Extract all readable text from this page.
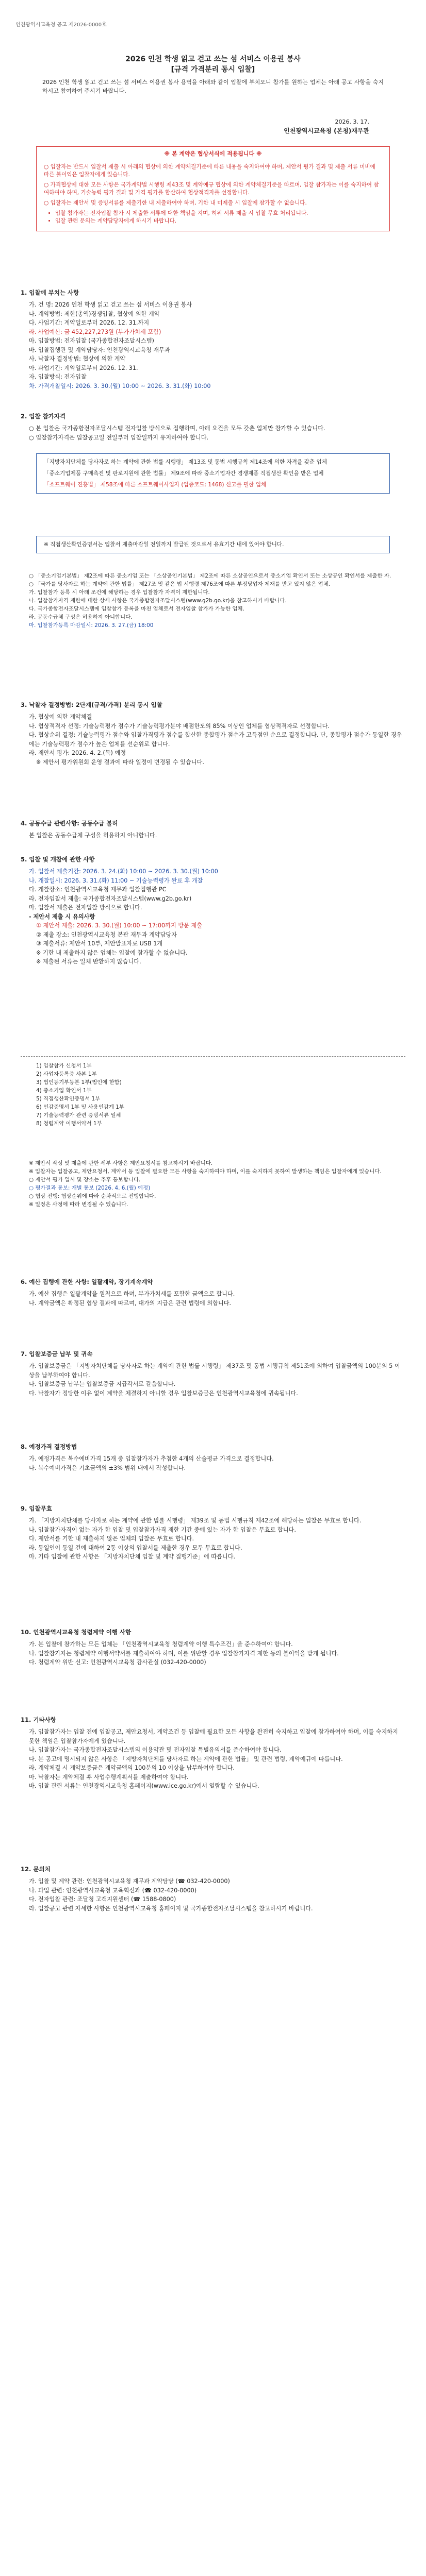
인천광역시교육청 공고 제2026-0000호
2026 인천 학생 읽고 걷고 쓰는 섬 서비스 이용권 봉사
[규격 가격분리 동시 입찰]
2026 인천 학생 읽고 걷고 쓰는 섬 서비스 이용권 봉사 용역을 아래와 같이 입찰에 부치오니 참가를 원하는 업체는 아래 공고 사항을 숙지하시고 참여하여 주시기 바랍니다.
2026. 3. 17.
인천광역시교육청 (본청)재무관
※ 본 계약은 협상서식에 적용됩니다 ※

○ 입찰자는 반드시 입찰서 제출 시 아래의 협상에 의한 계약체결기준에 따른 내용을 숙지하여야 하며, 제안서 평가 결과 및 제출 서류 미비에 따른 불이익은 입찰자에게 있습니다.

○ 가격협상에 대한 모든 사항은 국가계약법 시행령 제43조 및 계약예규 협상에 의한 계약체결기준을 따르며, 입찰 참가자는 이를 숙지하여 참여하여야 하며, 기술능력 평가 결과 및 가격 평가를 합산하여 협상적격자를 선정합니다.

○ 입찰자는 제안서 및 증빙서류를 제출기한 내 제출하여야 하며, 기한 내 미제출 시 입찰에 참가할 수 없습니다.

• 입찰 참가자는 전자입찰 참가 시 제출한 서류에 대한 책임을 지며, 허위 서류 제출 시 입찰 무효 처리됩니다.
• 입찰 관련 문의는 계약담당자에게 하시기 바랍니다.
1. 입찰에 부치는 사항

가. 건 명: 2026 인천 학생 읽고 걷고 쓰는 섬 서비스 이용권 봉사

나. 계약방법: 제한(총액)경쟁입찰, 협상에 의한 계약

다. 사업기간: 계약일로부터 2026. 12. 31.까지

라. 사업예산: 금 452,227,273원 (부가가치세 포함)

마. 입찰방법: 전자입찰 (국가종합전자조달시스템)

바. 입찰집행관 및 계약담당자: 인천광역시교육청 재무과

사. 낙찰자 결정방법: 협상에 의한 계약

아. 과업기간: 계약일로부터 2026. 12. 31.

자. 입찰방식: 전자입찰

차. 가격개찰일시: 2026. 3. 30.(월) 10:00 ~ 2026. 3. 31.(화) 10:00

2. 입찰 참가자격

○ 본 입찰은 국가종합전자조달시스템 전자입찰 방식으로 집행하며, 아래 요건을 모두 갖춘 업체만 참가할 수 있습니다.

○ 입찰참가자격은 입찰공고일 전일부터 입찰일까지 유지하여야 합니다.

「지방자치단체를 당사자로 하는 계약에 관한 법률 시행령」 제13조 및 동법 시행규칙 제14조에 의한 자격을 갖춘 업체

「중소기업제품 구매촉진 및 판로지원에 관한 법률」 제9조에 따라 중소기업자간 경쟁제품 직접생산 확인을 받은 업체

「소프트웨어 진흥법」 제58조에 따른 소프트웨어사업자 (업종코드: 1468) 신고를 필한 업체

※ 직접생산확인증명서는 입찰서 제출마감일 전일까지 발급된 것으로서 유효기간 내에 있어야 합니다.

○ 「중소기업기본법」 제2조에 따른 중소기업 또는 「소상공인기본법」 제2조에 따른 소상공인으로서 중소기업 확인서 또는 소상공인 확인서를 제출한 자.

○ 「국가를 당사자로 하는 계약에 관한 법률」 제27조 및 같은 법 시행령 제76조에 따른 부정당업자 제재를 받고 있지 않은 업체.

가. 입찰참가 등록 시 아래 조건에 해당하는 경우 입찰참가 자격이 제한됩니다.

나. 입찰참가자격 제한에 대한 상세 사항은 국가종합전자조달시스템(www.g2b.go.kr)을 참고하시기 바랍니다.

다. 국가종합전자조달시스템에 입찰참가 등록을 마친 업체로서 전자입찰 참가가 가능한 업체.

라. 공동수급체 구성은 허용하지 아니합니다.

마. 입찰참가등록 마감일시: 2026. 3. 27.(금) 18:00

3. 낙찰자 결정방법: 2단계(규격/가격) 분리 동시 입찰

가. 협상에 의한 계약체결

나. 협상적격자 선정: 기술능력평가 점수가 기술능력평가분야 배점한도의 85% 이상인 업체를 협상적격자로 선정합니다.

다. 협상순위 결정: 기술능력평가 점수와 입찰가격평가 점수를 합산한 종합평가 점수가 고득점인 순으로 결정합니다. 단, 종합평가 점수가 동일한 경우에는 기술능력평가 점수가 높은 업체를 선순위로 합니다.

라. 제안서 평가: 2026. 4. 2.(목) 예정

※ 제안서 평가위원회 운영 결과에 따라 일정이 변경될 수 있습니다.

4. 공동수급 관련사항: 공동수급 불허

본 입찰은 공동수급체 구성을 허용하지 아니합니다.

5. 입찰 및 개찰에 관한 사항

가. 입찰서 제출기간: 2026. 3. 24.(화) 10:00 ~ 2026. 3. 30.(월) 10:00

나. 개찰일시: 2026. 3. 31.(화) 11:00 ~ 기술능력평가 완료 후 개찰

다. 개찰장소: 인천광역시교육청 재무과 입찰집행관 PC

라. 전자입찰서 제출: 국가종합전자조달시스템(www.g2b.go.kr)

마. 입찰서 제출은 전자입찰 방식으로 합니다.

- 제안서 제출 시 유의사항

① 제안서 제출: 2026. 3. 30.(월) 10:00 ~ 17:00까지 방문 제출

② 제출 장소: 인천광역시교육청 본관 재무과 계약담당자

③ 제출서류: 제안서 10부, 제안발표자료 USB 1개

※ 기한 내 제출하지 않은 업체는 입찰에 참가할 수 없습니다.

※ 제출된 서류는 일체 반환하지 않습니다.

1) 입찰참가 신청서 1부

2) 사업자등록증 사본 1부

3) 법인등기부등본 1부(법인에 한함)

4) 중소기업 확인서 1부

5) 직접생산확인증명서 1부

6) 인감증명서 1부 및 사용인감계 1부

7) 기술능력평가 관련 증빙서류 일체

8) 청렴계약 이행서약서 1부

※ 제안서 작성 및 제출에 관한 세부 사항은 제안요청서를 참고하시기 바랍니다.

※ 입찰자는 입찰공고, 제안요청서, 계약서 등 입찰에 필요한 모든 사항을 숙지하여야 하며, 이를 숙지하지 못하여 발생하는 책임은 입찰자에게 있습니다.

○ 제안서 평가 일시 및 장소는 추후 통보합니다.

○ 평가결과 통보: 개별 통보 (2026. 4. 6.(월) 예정)

○ 협상 진행: 협상순위에 따라 순차적으로 진행합니다.

※ 일정은 사정에 따라 변경될 수 있습니다.

6. 예산 집행에 관한 사항: 일괄계약, 장기계속계약

가. 예산 집행은 일괄계약을 원칙으로 하며, 부가가치세를 포함한 금액으로 합니다.

나. 계약금액은 확정된 협상 결과에 따르며, 대가의 지급은 관련 법령에 의합니다.

7. 입찰보증금 납부 및 귀속

가. 입찰보증금은 「지방자치단체를 당사자로 하는 계약에 관한 법률 시행령」 제37조 및 동법 시행규칙 제51조에 의하여 입찰금액의 100분의 5 이상을 납부하여야 합니다.

나. 입찰보증금 납부는 입찰보증금 지급각서로 갈음합니다.

다. 낙찰자가 정당한 이유 없이 계약을 체결하지 아니할 경우 입찰보증금은 인천광역시교육청에 귀속됩니다.

8. 예정가격 결정방법

가. 예정가격은 복수예비가격 15개 중 입찰참가자가 추첨한 4개의 산술평균 가격으로 결정합니다.

나. 복수예비가격은 기초금액의 ±3% 범위 내에서 작성합니다.

9. 입찰무효

가. 「지방자치단체를 당사자로 하는 계약에 관한 법률 시행령」 제39조 및 동법 시행규칙 제42조에 해당하는 입찰은 무효로 합니다.

나. 입찰참가자격이 없는 자가 한 입찰 및 입찰참가자격 제한 기간 중에 있는 자가 한 입찰은 무효로 합니다.

다. 제안서를 기한 내 제출하지 않은 업체의 입찰은 무효로 합니다.

라. 동일인이 동일 건에 대하여 2통 이상의 입찰서를 제출한 경우 모두 무효로 합니다.

마. 기타 입찰에 관한 사항은 「지방자치단체 입찰 및 계약 집행기준」에 따릅니다.

10. 인천광역시교육청 청렴계약 이행 사항

가. 본 입찰에 참가하는 모든 업체는 「인천광역시교육청 청렴계약 이행 특수조건」을 준수하여야 합니다.

나. 입찰참가자는 청렴계약 이행서약서를 제출하여야 하며, 이를 위반할 경우 입찰참가자격 제한 등의 불이익을 받게 됩니다.

다. 청렴계약 위반 신고: 인천광역시교육청 감사관실 (032-420-0000)

11. 기타사항

가. 입찰참가자는 입찰 전에 입찰공고, 제안요청서, 계약조건 등 입찰에 필요한 모든 사항을 완전히 숙지하고 입찰에 참가하여야 하며, 이를 숙지하지 못한 책임은 입찰참가자에게 있습니다.

나. 입찰참가자는 국가종합전자조달시스템의 이용약관 및 전자입찰 특별유의서를 준수하여야 합니다.

다. 본 공고에 명시되지 않은 사항은 「지방자치단체를 당사자로 하는 계약에 관한 법률」 및 관련 법령, 계약예규에 따릅니다.

라. 계약체결 시 계약보증금은 계약금액의 100분의 10 이상을 납부하여야 합니다.

마. 낙찰자는 계약체결 후 사업수행계획서를 제출하여야 합니다.

바. 입찰 관련 서류는 인천광역시교육청 홈페이지(www.ice.go.kr)에서 열람할 수 있습니다.

12. 문의처

가. 입찰 및 계약 관련: 인천광역시교육청 재무과 계약담당 (☎ 032-420-0000)

나. 과업 관련: 인천광역시교육청 교육혁신과 (☎ 032-420-0000)

다. 전자입찰 관련: 조달청 고객지원센터 (☎ 1588-0800)

라. 입찰공고 관련 자세한 사항은 인천광역시교육청 홈페이지 및 국가종합전자조달시스템을 참고하시기 바랍니다.
